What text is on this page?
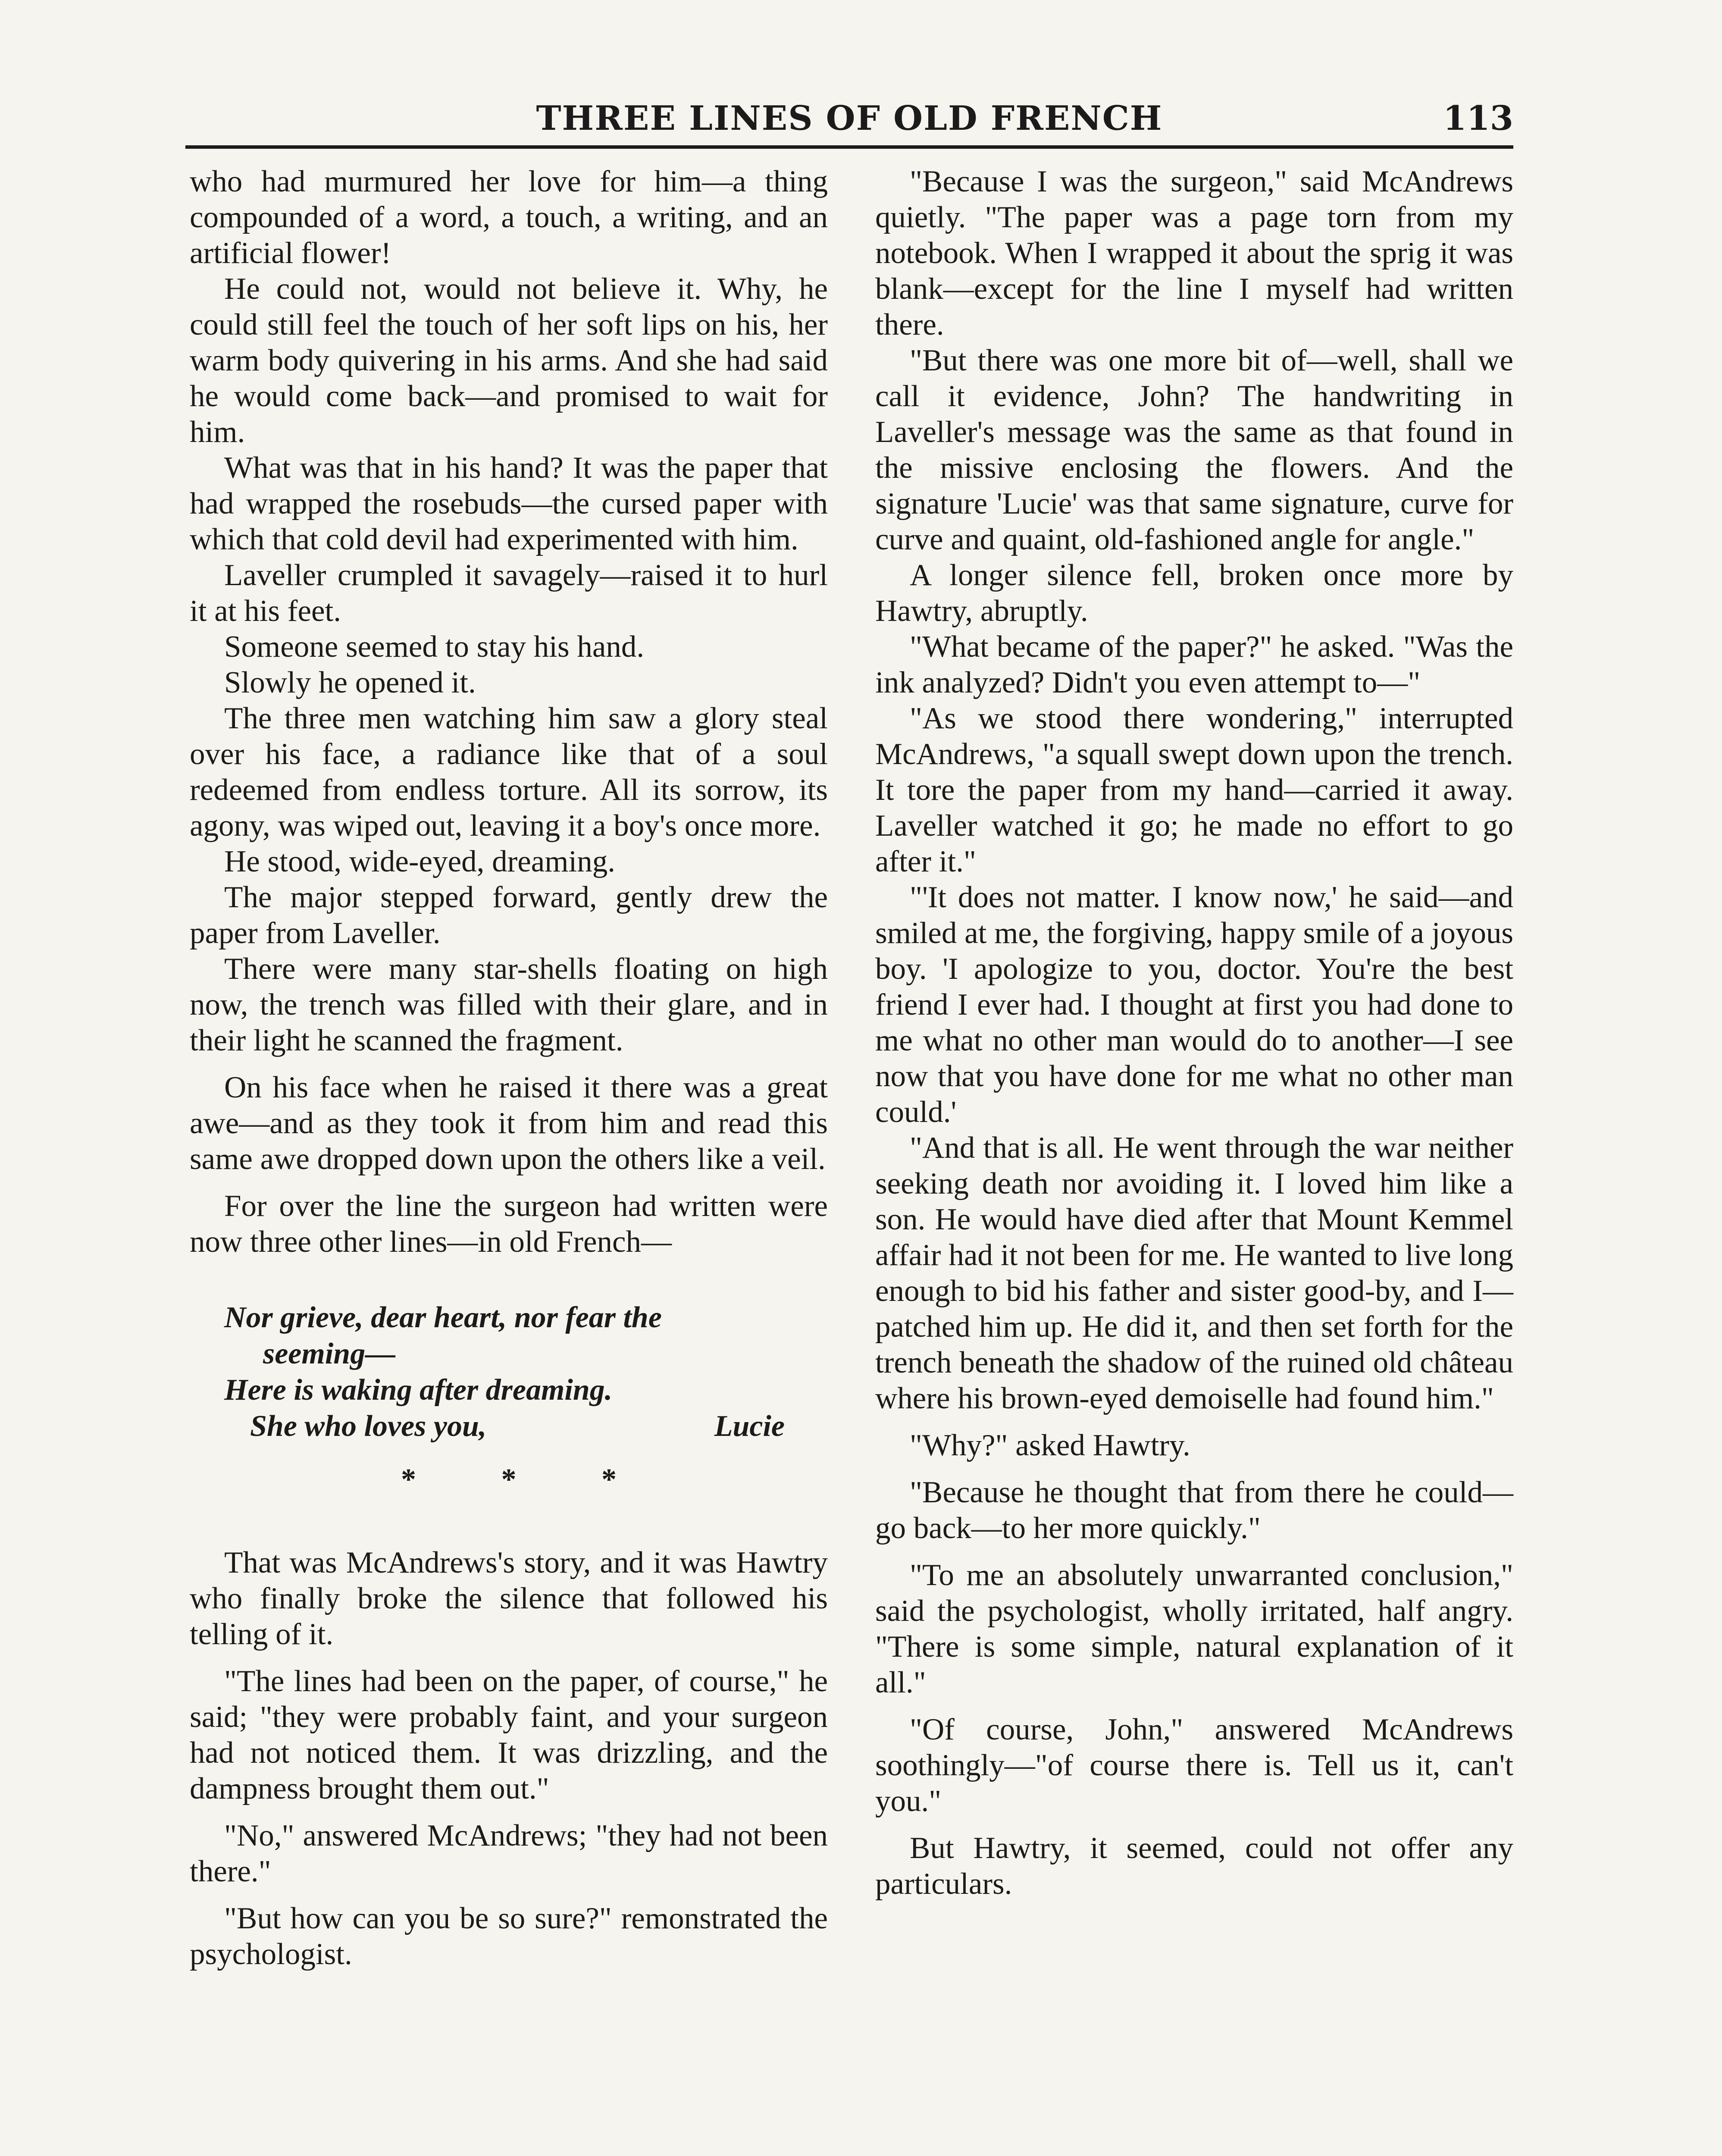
THREE LINES OF OLD FRENCH	113

who had murmured her love for him—a thing compounded of a word, a touch, a writing, and an artificial flower!

He could not, would not believe it. Why, he could still feel the touch of her soft lips on his, her warm body quivering in his arms. And she had said he would come back—and promised to wait for him.

What was that in his hand? It was the paper that had wrapped the rosebuds—the cursed paper with which that cold devil had experimented with him.

Laveller crumpled it savagely—raised it to hurl it at his feet.

Someone seemed to stay his hand.

Slowly he opened it.

The three men watching him saw a glory steal over his face, a radiance like that of a soul redeemed from endless torture. All its sorrow, its agony, was wiped out, leaving it a boy's once more.

He stood, wide-eyed, dreaming.

The major stepped forward, gently drew the paper from Laveller.

There were many star-shells floating on high now, the trench was filled with their glare, and in their light he scanned the fragment.

On his face when he raised it there was a great awe—and as they took it from him and read this same awe dropped down upon the others like a veil.

For over the line the surgeon had written were now three other lines—in old French—

Nor grieve, dear heart, nor fear the
seeming—
Here is waking after dreaming.
She who loves you,	Lucie
* * *

That was McAndrews's story, and it was Hawtry who finally broke the silence that followed his telling of it.

"The lines had been on the paper, of course," he said; "they were probably faint, and your surgeon had not noticed them. It was drizzling, and the dampness brought them out."

"No," answered McAndrews; "they had not been there."

"But how can you be so sure?" remonstrated the psychologist.

"Because I was the surgeon," said McAndrews quietly. "The paper was a page torn from my notebook. When I wrapped it about the sprig it was blank—except for the line I myself had written there.

"But there was one more bit of—well, shall we call it evidence, John? The handwriting in Laveller's message was the same as that found in the missive enclosing the flowers. And the signature 'Lucie' was that same signature, curve for curve and quaint, old-fashioned angle for angle."

A longer silence fell, broken once more by Hawtry, abruptly.

"What became of the paper?" he asked. "Was the ink analyzed? Didn't you even attempt to—"

"As we stood there wondering," interrupted McAndrews, "a squall swept down upon the trench. It tore the paper from my hand—carried it away. Laveller watched it go; he made no effort to go after it."

"'It does not matter. I know now,' he said—and smiled at me, the forgiving, happy smile of a joyous boy. 'I apologize to you, doctor. You're the best friend I ever had. I thought at first you had done to me what no other man would do to another—I see now that you have done for me what no other man could.'

"And that is all. He went through the war neither seeking death nor avoiding it. I loved him like a son. He would have died after that Mount Kemmel affair had it not been for me. He wanted to live long enough to bid his father and sister good-by, and I—patched him up. He did it, and then set forth for the trench beneath the shadow of the ruined old château where his brown-eyed demoiselle had found him."

"Why?" asked Hawtry.

"Because he thought that from there he could—go back—to her more quickly."

"To me an absolutely unwarranted conclusion," said the psychologist, wholly irritated, half angry. "There is some simple, natural explanation of it all."

"Of course, John," answered McAndrews soothingly—"of course there is. Tell us it, can't you."

But Hawtry, it seemed, could not offer any particulars.
